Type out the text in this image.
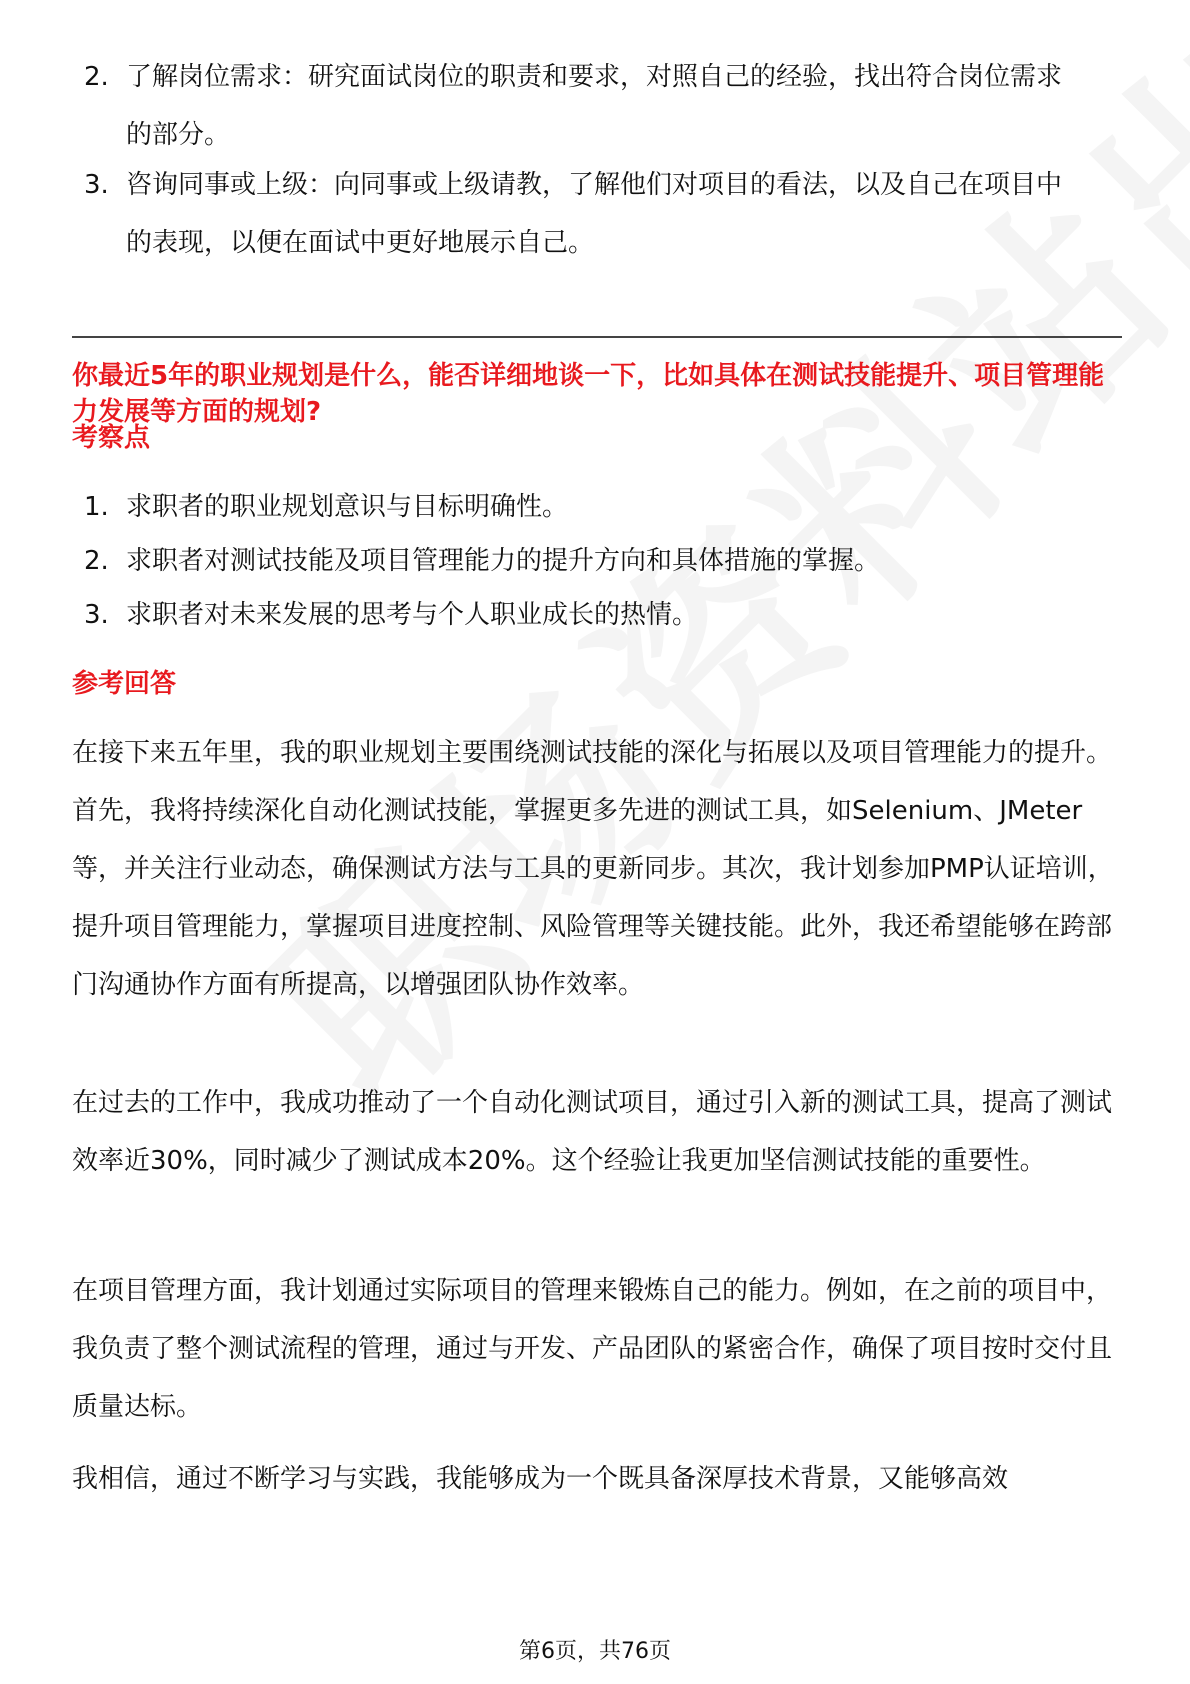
2. 了解岗位需求：研究面试岗位的职责和要求，对照自己的经验，找出符合岗位需求的部分。
3. 咨询同事或上级：向同事或上级请教，了解他们对项目的看法，以及自己在项目中的表现，以便在面试中更好地展示自己。
你最近5年的职业规划是什么，能否详细地谈一下，比如具体在测试技能提升、项目管理能力发展等方面的规划?
考察点
1. 求职者的职业规划意识与目标明确性。
2. 求职者对测试技能及项目管理能力的提升方向和具体措施的掌握。
3. 求职者对未来发展的思考与个人职业成长的热情。
参考回答
在接下来五年里，我的职业规划主要围绕测试技能的深化与拓展以及项目管理能力的提升。首先，我将持续深化自动化测试技能，掌握更多先进的测试工具，如Selenium、JMeter等，并关注行业动态，确保测试方法与工具的更新同步。其次，我计划参加PMP认证培训，提升项目管理能力，掌握项目进度控制、风险管理等关键技能。此外，我还希望能够在跨部门沟通协作方面有所提高，以增强团队协作效率。
在过去的工作中，我成功推动了一个自动化测试项目，通过引入新的测试工具，提高了测试效率近30%，同时减少了测试成本20%。这个经验让我更加坚信测试技能的重要性。
在项目管理方面，我计划通过实际项目的管理来锻炼自己的能力。例如，在之前的项目中，我负责了整个测试流程的管理，通过与开发、产品团队的紧密合作，确保了项目按时交付且质量达标。
我相信，通过不断学习与实践，我能够成为一个既具备深厚技术背景，又能够高效
第6页，共76页
